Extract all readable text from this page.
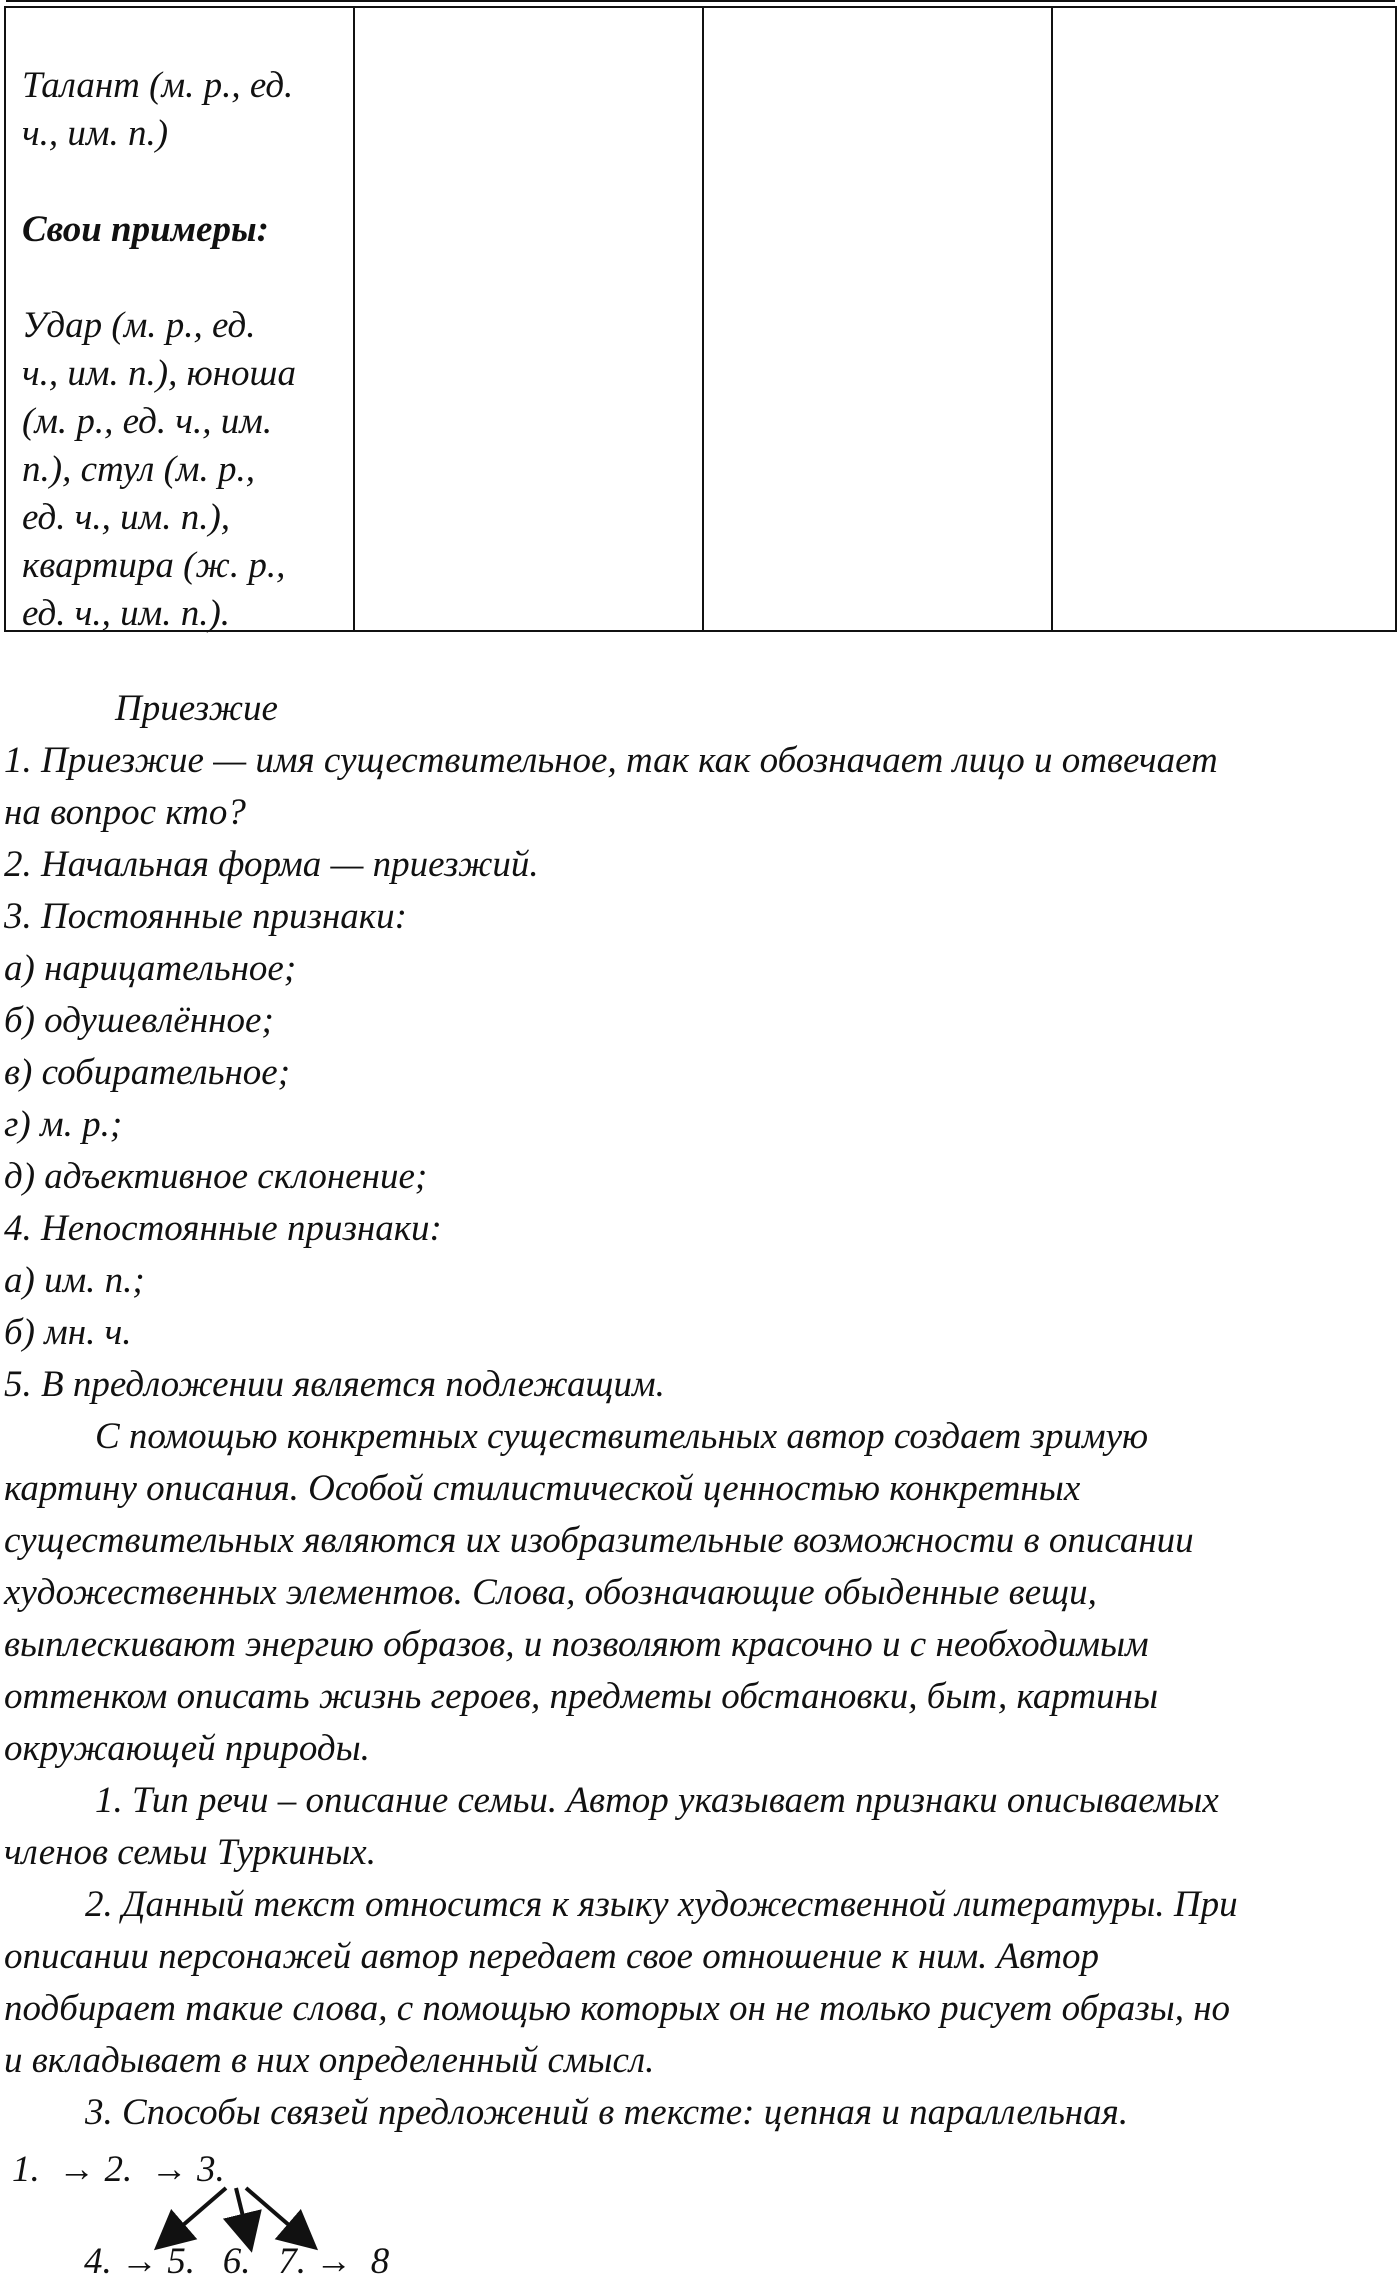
Талант (м. р., ед.
ч., им. п.)

Свои примеры:

Удар (м. р., ед.
ч., им. п.), юноша
(м. р., ед. ч., им.
п.), стул (м. р.,
ед. ч., им. п.),
квартира (ж. р.,
ед. ч., им. п.).

Приезжие
1. Приезжие — имя существительное, так как обозначает лицо и отвечает
на вопрос кто?
2. Начальная форма — приезжий.
3. Постоянные признаки:
а) нарицательное;
б) одушевлённое;
в) собирательное;
г) м. р.;
д) адъективное склонение;
4. Непостоянные признаки:
а) им. п.;
б) мн. ч.
5. В предложении является подлежащим.
С помощью конкретных существительных автор создает зримую
картину описания. Особой стилистической ценностью конкретных
существительных являются их изобразительные возможности в описании
художественных элементов. Слова, обозначающие обыденные вещи,
выплескивают энергию образов, и позволяют красочно и с необходимым
оттенком описать жизнь героев, предметы обстановки, быт, картины
окружающей природы.
1. Тип речи – описание семьи. Автор указывает признаки описываемых
членов семьи Туркиных.
2. Данный текст относится к языку художественной литературы. При
описании персонажей автор передает свое отношение к ним. Автор
подбирает такие слова, с помощью которых он не только рисует образы, но
и вкладывает в них определенный смысл.
3. Способы связей предложений в тексте: цепная и параллельная.
1.  → 2.  → 3.
4. → 5.   6.   7. →  8
